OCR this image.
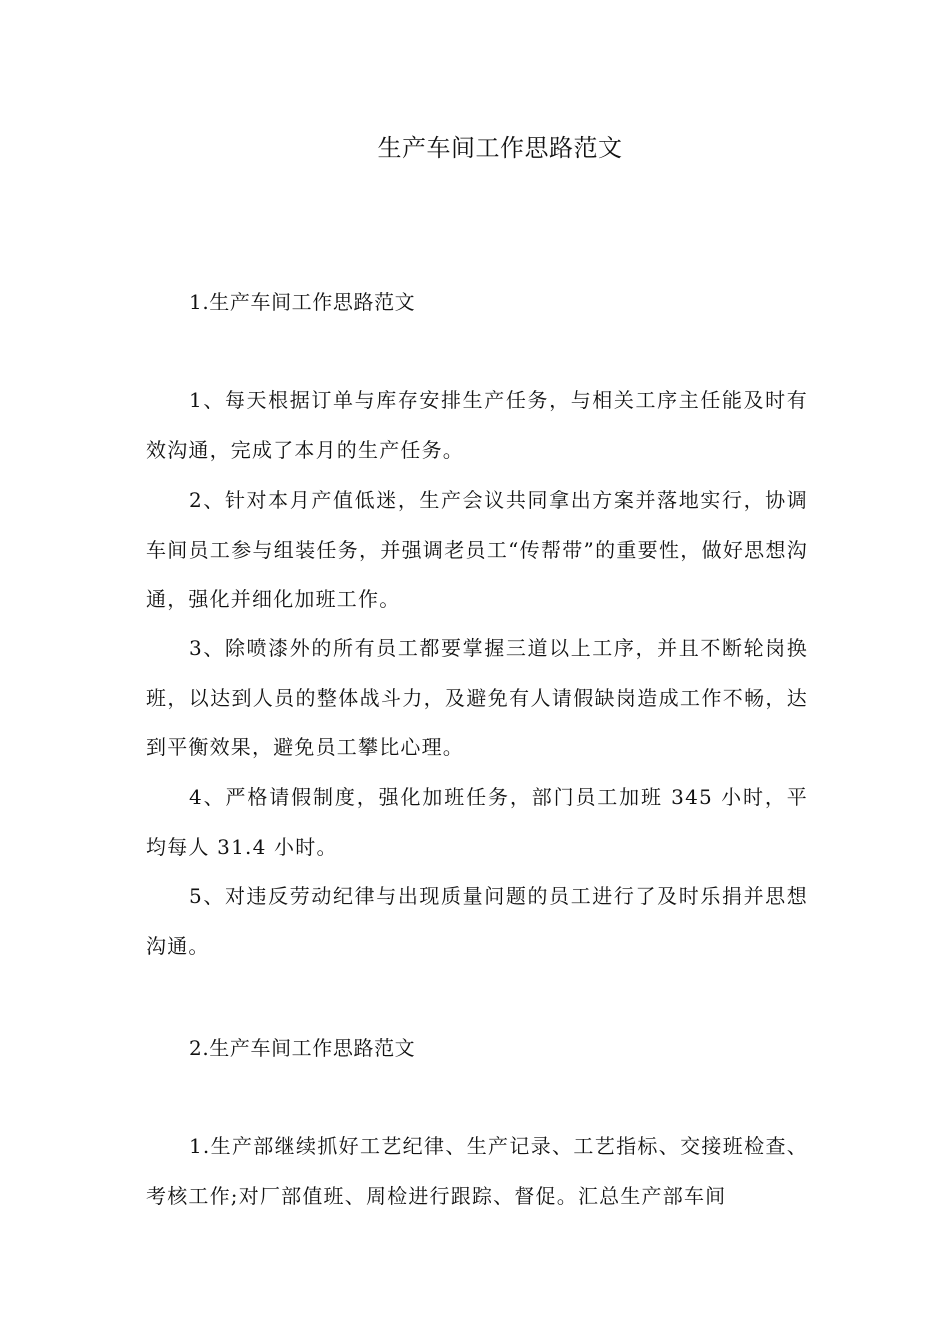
生产车间工作思路范文
1.生产车间工作思路范文

1、每天根据订单与库存安排生产任务，与相关工序主任能及时有效沟通，完成了本月的生产任务。

2、针对本月产值低迷，生产会议共同拿出方案并落地实行，协调车间员工参与组装任务，并强调老员工“传帮带”的重要性，做好思想沟通，强化并细化加班工作。

3、除喷漆外的所有员工都要掌握三道以上工序，并且不断轮岗换班，以达到人员的整体战斗力，及避免有人请假缺岗造成工作不畅，达到平衡效果，避免员工攀比心理。

4、严格请假制度，强化加班任务，部门员工加班 345 小时，平均每人 31.4 小时。

5、对违反劳动纪律与出现质量问题的员工进行了及时乐捐并思想沟通。

2.生产车间工作思路范文

1.生产部继续抓好工艺纪律、生产记录、工艺指标、交接班检查、考核工作;对厂部值班、周检进行跟踪、督促。汇总生产部车间
